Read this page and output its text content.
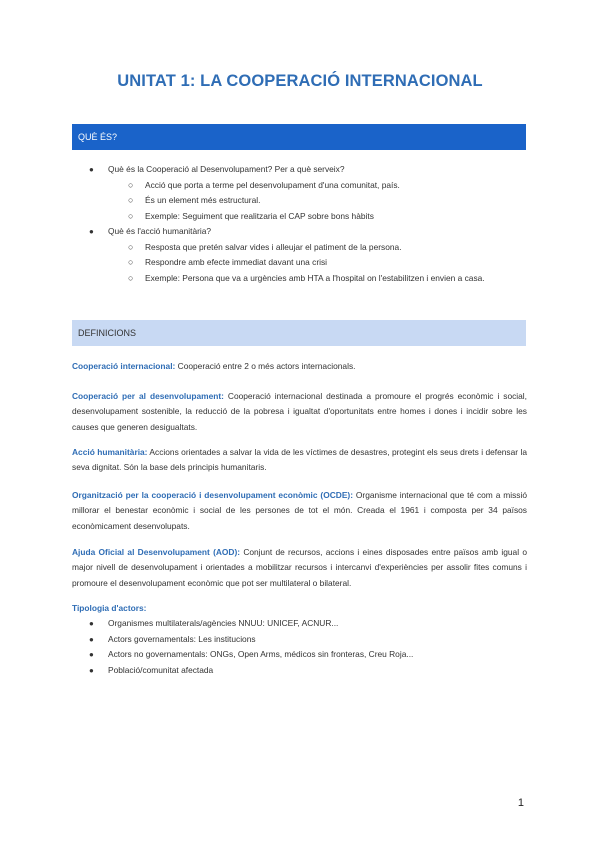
UNITAT 1: LA COOPERACIÓ INTERNACIONAL
QUÈ ÉS?
● Què és la Cooperació al Desenvolupament? Per a què serveix?
○ Acció que porta a terme pel desenvolupament d'una comunitat, país.
○ És un element més estructural.
○ Exemple: Seguiment que realitzaria el CAP sobre bons hàbits
● Què és l'acció humanitària?
○ Resposta que pretén salvar vides i alleujar el patiment de la persona.
○ Respondre amb efecte immediat davant una crisi
○ Exemple: Persona que va a urgències amb HTA a l'hospital on l'estabilitzen i envien a casa.
DEFINICIONS
Cooperació internacional: Cooperació entre 2 o més actors internacionals.
Cooperació per al desenvolupament: Cooperació internacional destinada a promoure el progrés econòmic i social, desenvolupament sostenible, la reducció de la pobresa i igualtat d'oportunitats entre homes i dones i incidir sobre les causes que generen desigualtats.
Acció humanitària: Accions orientades a salvar la vida de les víctimes de desastres, protegint els seus drets i defensar la seva dignitat. Són la base dels principis humanitaris.
Organització per la cooperació i desenvolupament econòmic (OCDE): Organisme internacional que té com a missió millorar el benestar econòmic i social de les persones de tot el món. Creada el 1961 i composta per 34 països econòmicament desenvolupats.
Ajuda Oficial al Desenvolupament (AOD): Conjunt de recursos, accions i eines disposades entre països amb igual o major nivell de desenvolupament i orientades a mobilitzar recursos i intercanvi d'experiències per assolir fites comuns i promoure el desenvolupament econòmic que pot ser multilateral o bilateral.
Tipologia d'actors:
● Organismes multilaterals/agències NNUU: UNICEF, ACNUR...
● Actors governamentals: Les institucions
● Actors no governamentals: ONGs, Open Arms, médicos sin fronteras, Creu Roja...
● Població/comunitat afectada
1
